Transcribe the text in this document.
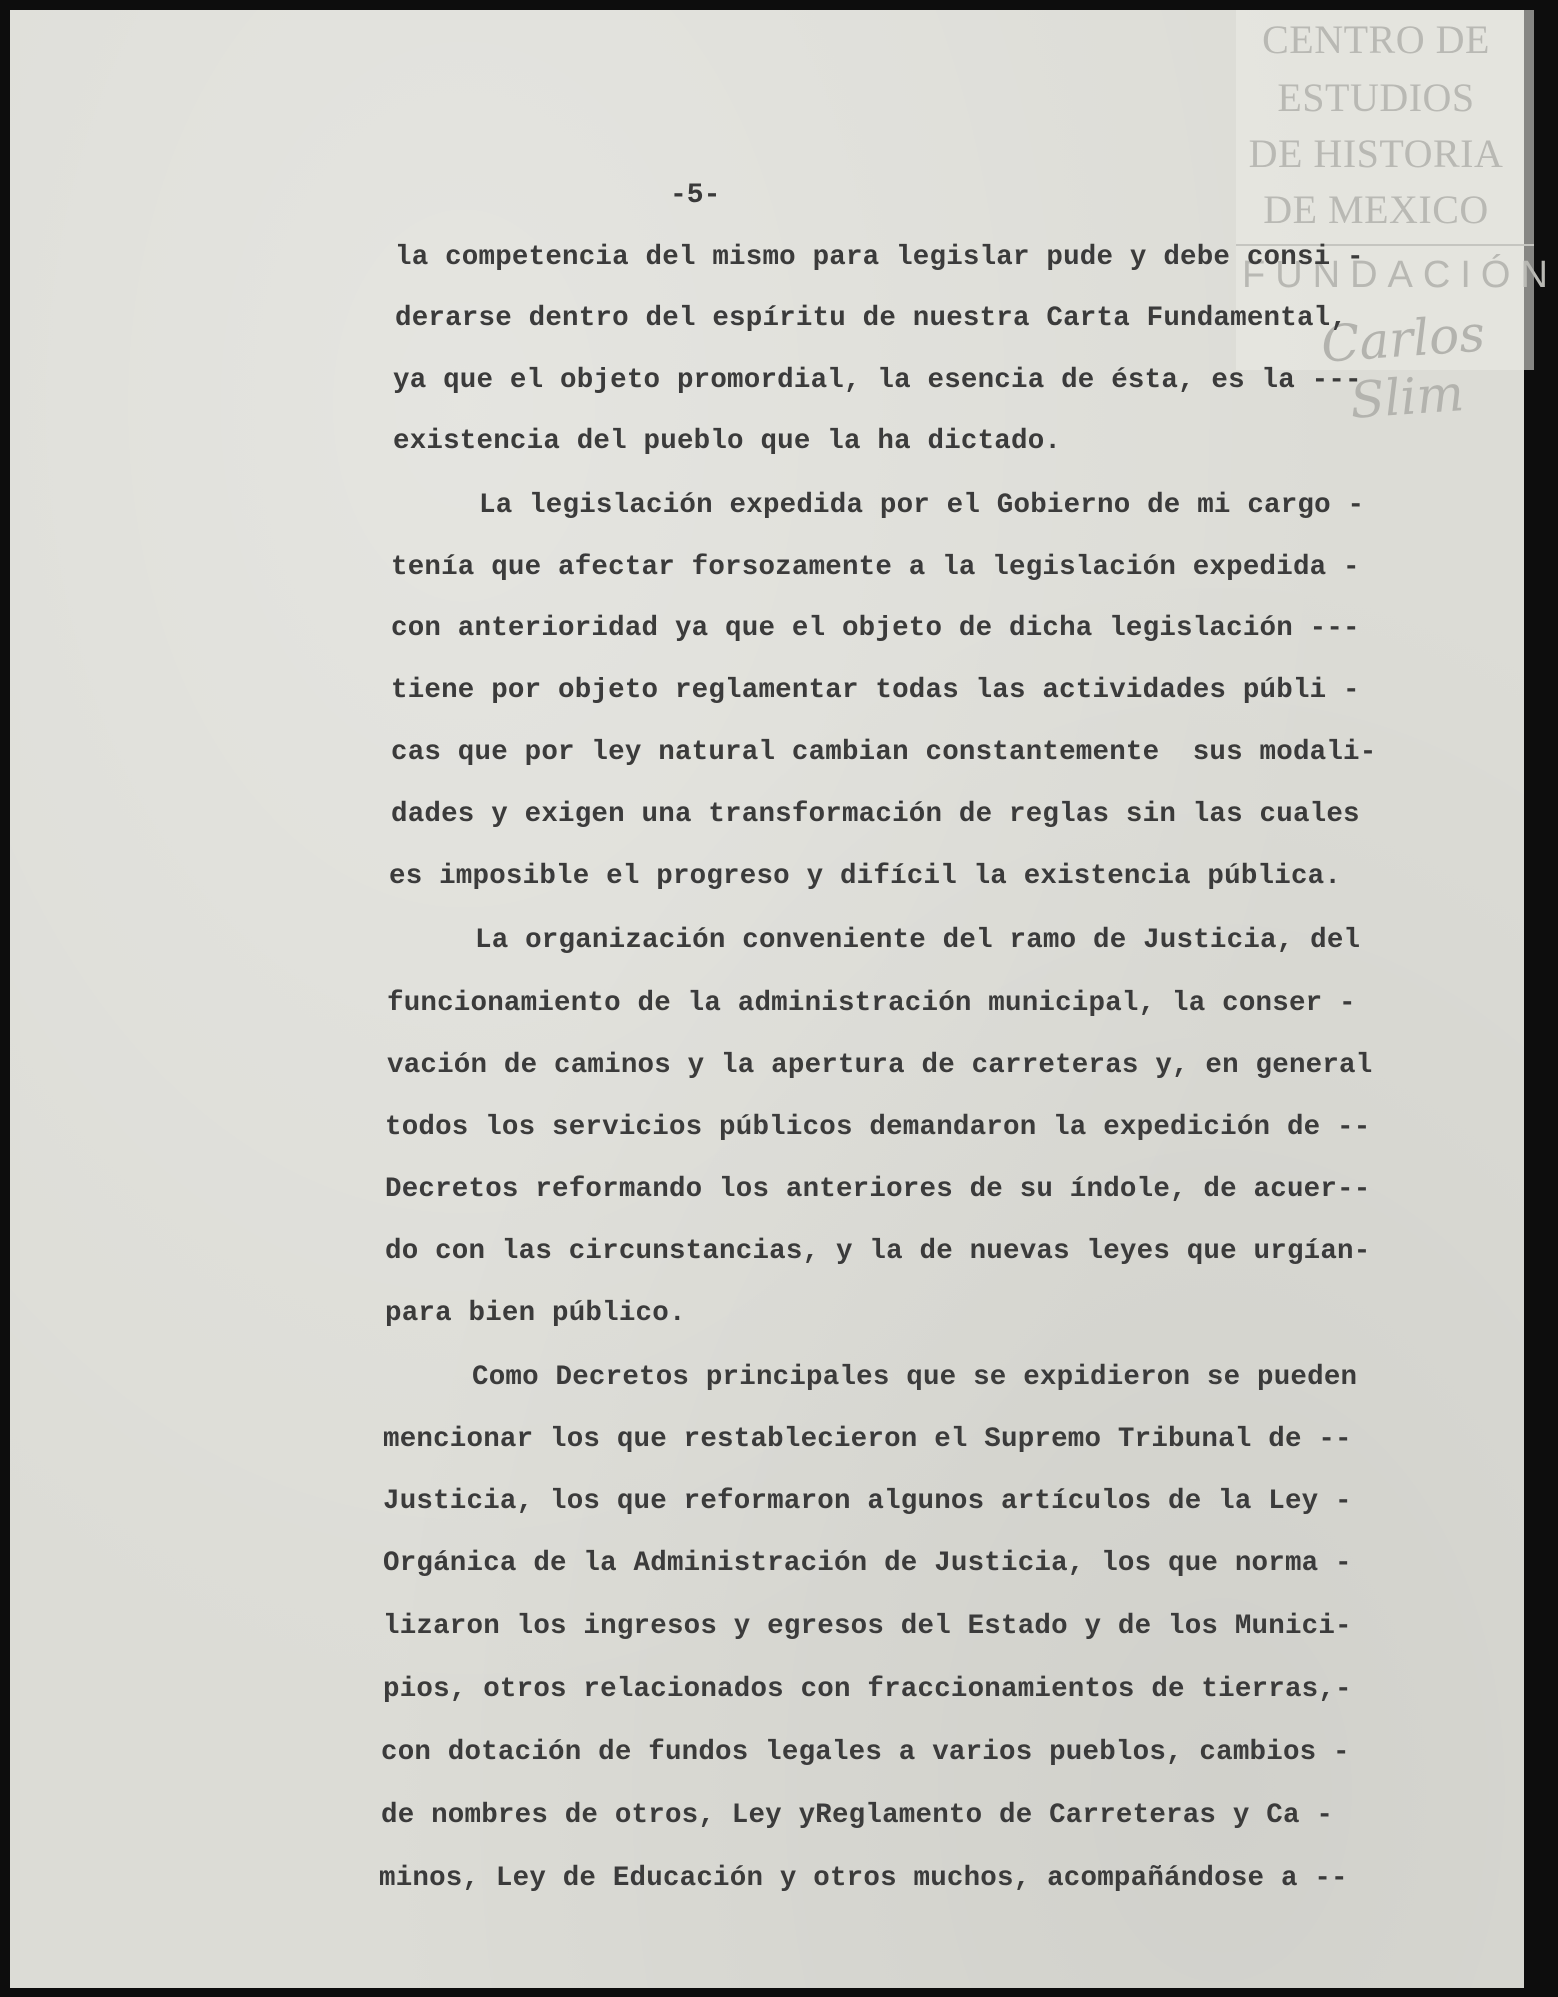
CENTRO DE
ESTUDIOS
DE HISTORIA
DE MEXICO
FUNDACIÓN
Carlos Slim
-5-
la competencia del mismo para legislar pude y debe consi -
derarse dentro del espíritu de nuestra Carta Fundamental,
ya que el objeto promordial, la esencia de ésta, es la ---
existencia del pueblo que la ha dictado.
La legislación expedida por el Gobierno de mi cargo -
tenía que afectar forsozamente a la legislación expedida -
con anterioridad ya que el objeto de dicha legislación ---
tiene por objeto reglamentar todas las actividades públi -
cas que por ley natural cambian constantemente  sus modali-
dades y exigen una transformación de reglas sin las cuales
es imposible el progreso y difícil la existencia pública.
La organización conveniente del ramo de Justicia, del
funcionamiento de la administración municipal, la conser -
vación de caminos y la apertura de carreteras y, en general
todos los servicios públicos demandaron la expedición de --
Decretos reformando los anteriores de su índole, de acuer--
do con las circunstancias, y la de nuevas leyes que urgían-
para bien público.
Como Decretos principales que se expidieron se pueden
mencionar los que restablecieron el Supremo Tribunal de --
Justicia, los que reformaron algunos artículos de la Ley -
Orgánica de la Administración de Justicia, los que norma -
lizaron los ingresos y egresos del Estado y de los Munici-
pios, otros relacionados con fraccionamientos de tierras,-
con dotación de fundos legales a varios pueblos, cambios -
de nombres de otros, Ley yReglamento de Carreteras y Ca -
minos, Ley de Educación y otros muchos, acompañándose a --
